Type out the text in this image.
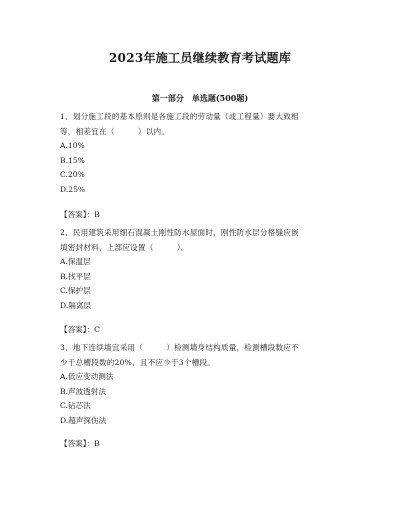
2023年施工员继续教育考试题库
第一部分　单选题(500题)

1、划分施工段的基本原则是各施工段的劳动量（或工程量）要大致相

等，相差宜在（　　　）以内。

A.10%

B.15%

C.20%

D.25%

【答案】：B

2、民用建筑采用细石混凝土刚性防水屋面时，刚性防水层分格缝应嵌

填密封材料，上部应设置（　　　）。

A.保温层

B.找平层

C.保护层

D.隔离层

【答案】：C

3、地下连续墙宜采用（　　　）检测墙身结构质量，检测槽段数应不

少于总槽段数的20%，且不应少于3个槽段。

A.低应变动测法

B.声波透射法

C.钻芯法

D.超声探伤法

【答案】：B
